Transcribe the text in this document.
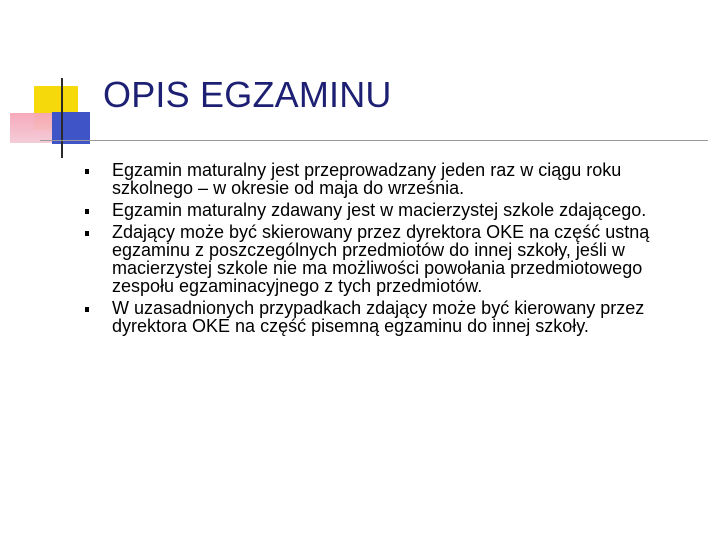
OPIS EGZAMINU
Egzamin maturalny jest przeprowadzany jeden raz w ciągu roku szkolnego – w okresie od maja do września.
Egzamin maturalny zdawany jest w macierzystej szkole zdającego.
Zdający może być skierowany przez dyrektora OKE na część ustną egzaminu z poszczególnych przedmiotów do innej szkoły, jeśli w macierzystej szkole nie ma możliwości powołania przedmiotowego zespołu egzaminacyjnego z tych przedmiotów.
W uzasadnionych przypadkach zdający może być kierowany przez dyrektora OKE na część pisemną egzaminu do innej szkoły.
